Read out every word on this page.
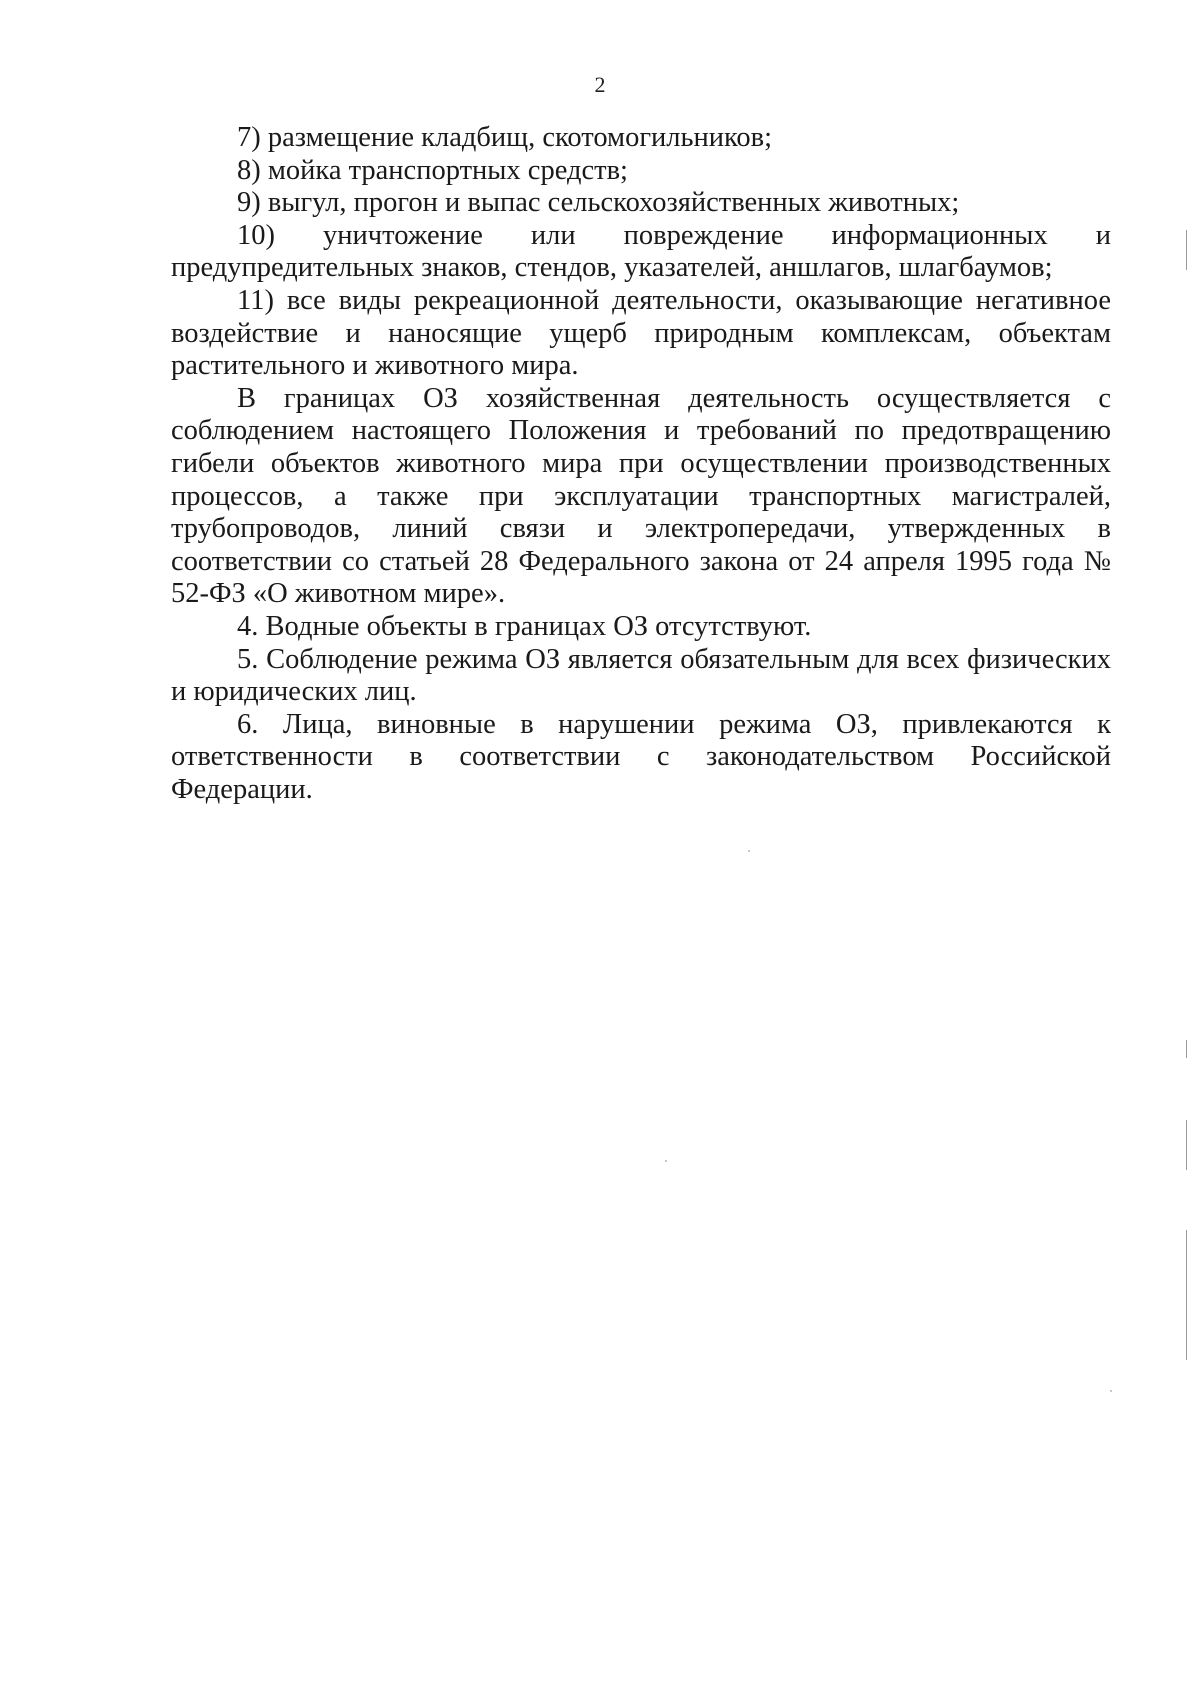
2

7) размещение кладбищ, скотомогильников;

8) мойка транспортных средств;

9) выгул, прогон и выпас сельскохозяйственных животных;

10) уничтожение или повреждение информационных и предупредительных знаков, стендов, указателей, аншлагов, шлагбаумов;

11) все виды рекреационной деятельности, оказывающие негативное воздействие и наносящие ущерб природным комплексам, объектам растительного и животного мира.

В границах ОЗ хозяйственная деятельность осуществляется с соблюдением настоящего Положения и требований по предотвращению гибели объектов животного мира при осуществлении производственных процессов, а также при эксплуатации транспортных магистралей, трубопроводов, линий связи и электропередачи, утвержденных в соответствии со статьей 28 Федерального закона от 24 апреля 1995 года № 52-ФЗ «О животном мире».

4. Водные объекты в границах ОЗ отсутствуют.

5. Соблюдение режима ОЗ является обязательным для всех физических и юридических лиц.

6. Лица, виновные в нарушении режима ОЗ, привлекаются к ответственности в соответствии с законодательством Российской Федерации.
